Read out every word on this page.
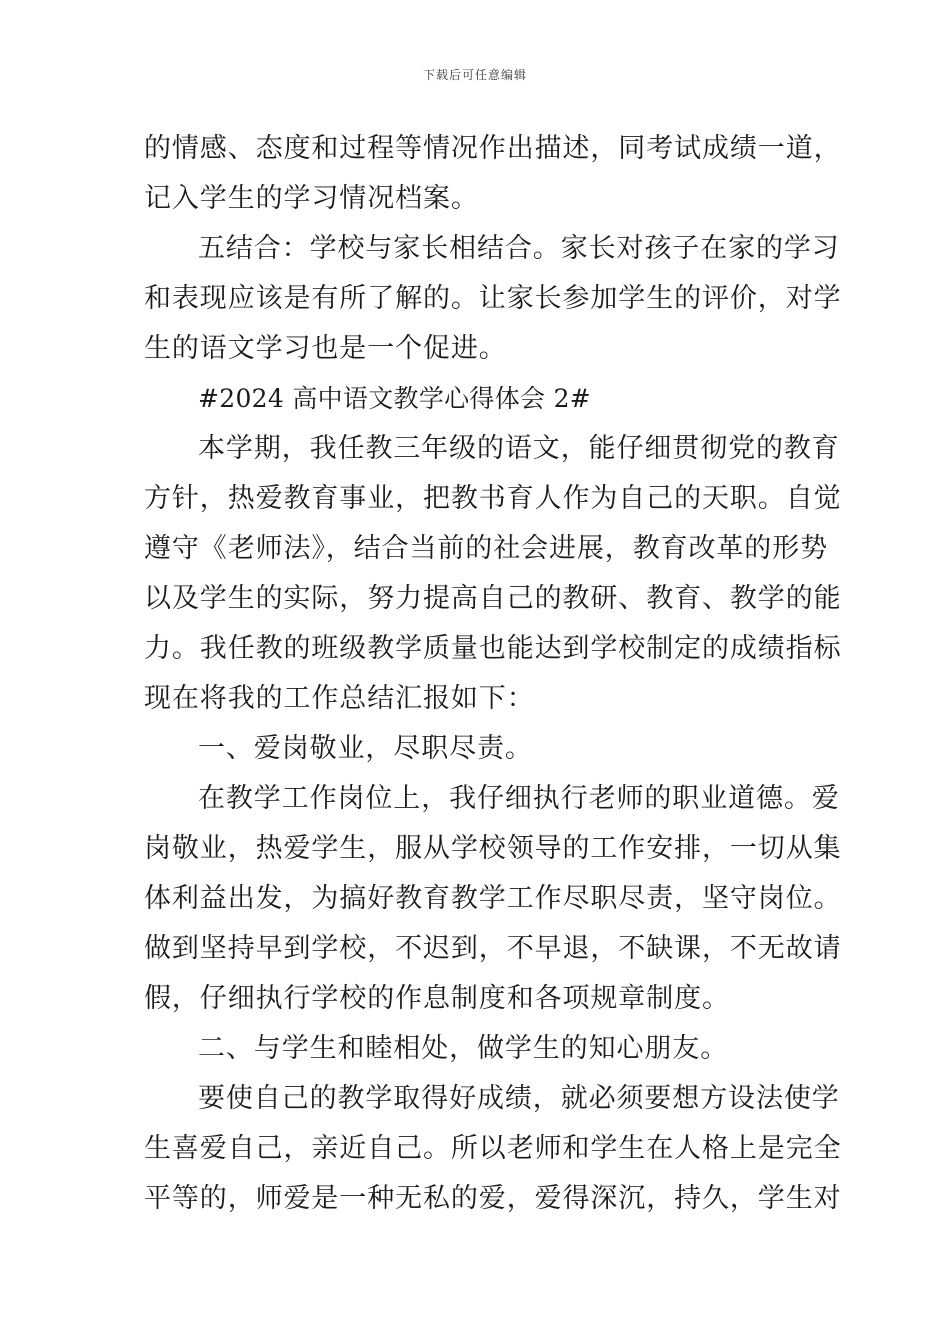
下载后可任意编辑
的情感、态度和过程等情况作出描述，同考试成绩一道，
记入学生的学习情况档案。
五结合：学校与家长相结合。家长对孩子在家的学习
和表现应该是有所了解的。让家长参加学生的评价，对学
生的语文学习也是一个促进。
#2024 高中语文教学心得体会 2#
本学期，我任教三年级的语文，能仔细贯彻党的教育
方针，热爱教育事业，把教书育人作为自己的天职。自觉
遵守《老师法》，结合当前的社会进展，教育改革的形势
以及学生的实际，努力提高自己的教研、教育、教学的能
力。我任教的班级教学质量也能达到学校制定的成绩指标
现在将我的工作总结汇报如下：
一、爱岗敬业，尽职尽责。
在教学工作岗位上，我仔细执行老师的职业道德。爱
岗敬业，热爱学生，服从学校领导的工作安排，一切从集
体利益出发，为搞好教育教学工作尽职尽责，坚守岗位。
做到坚持早到学校，不迟到，不早退，不缺课，不无故请
假，仔细执行学校的作息制度和各项规章制度。
二、与学生和睦相处，做学生的知心朋友。
要使自己的教学取得好成绩，就必须要想方设法使学
生喜爱自己，亲近自己。所以老师和学生在人格上是完全
平等的，师爱是一种无私的爱，爱得深沉，持久，学生对
